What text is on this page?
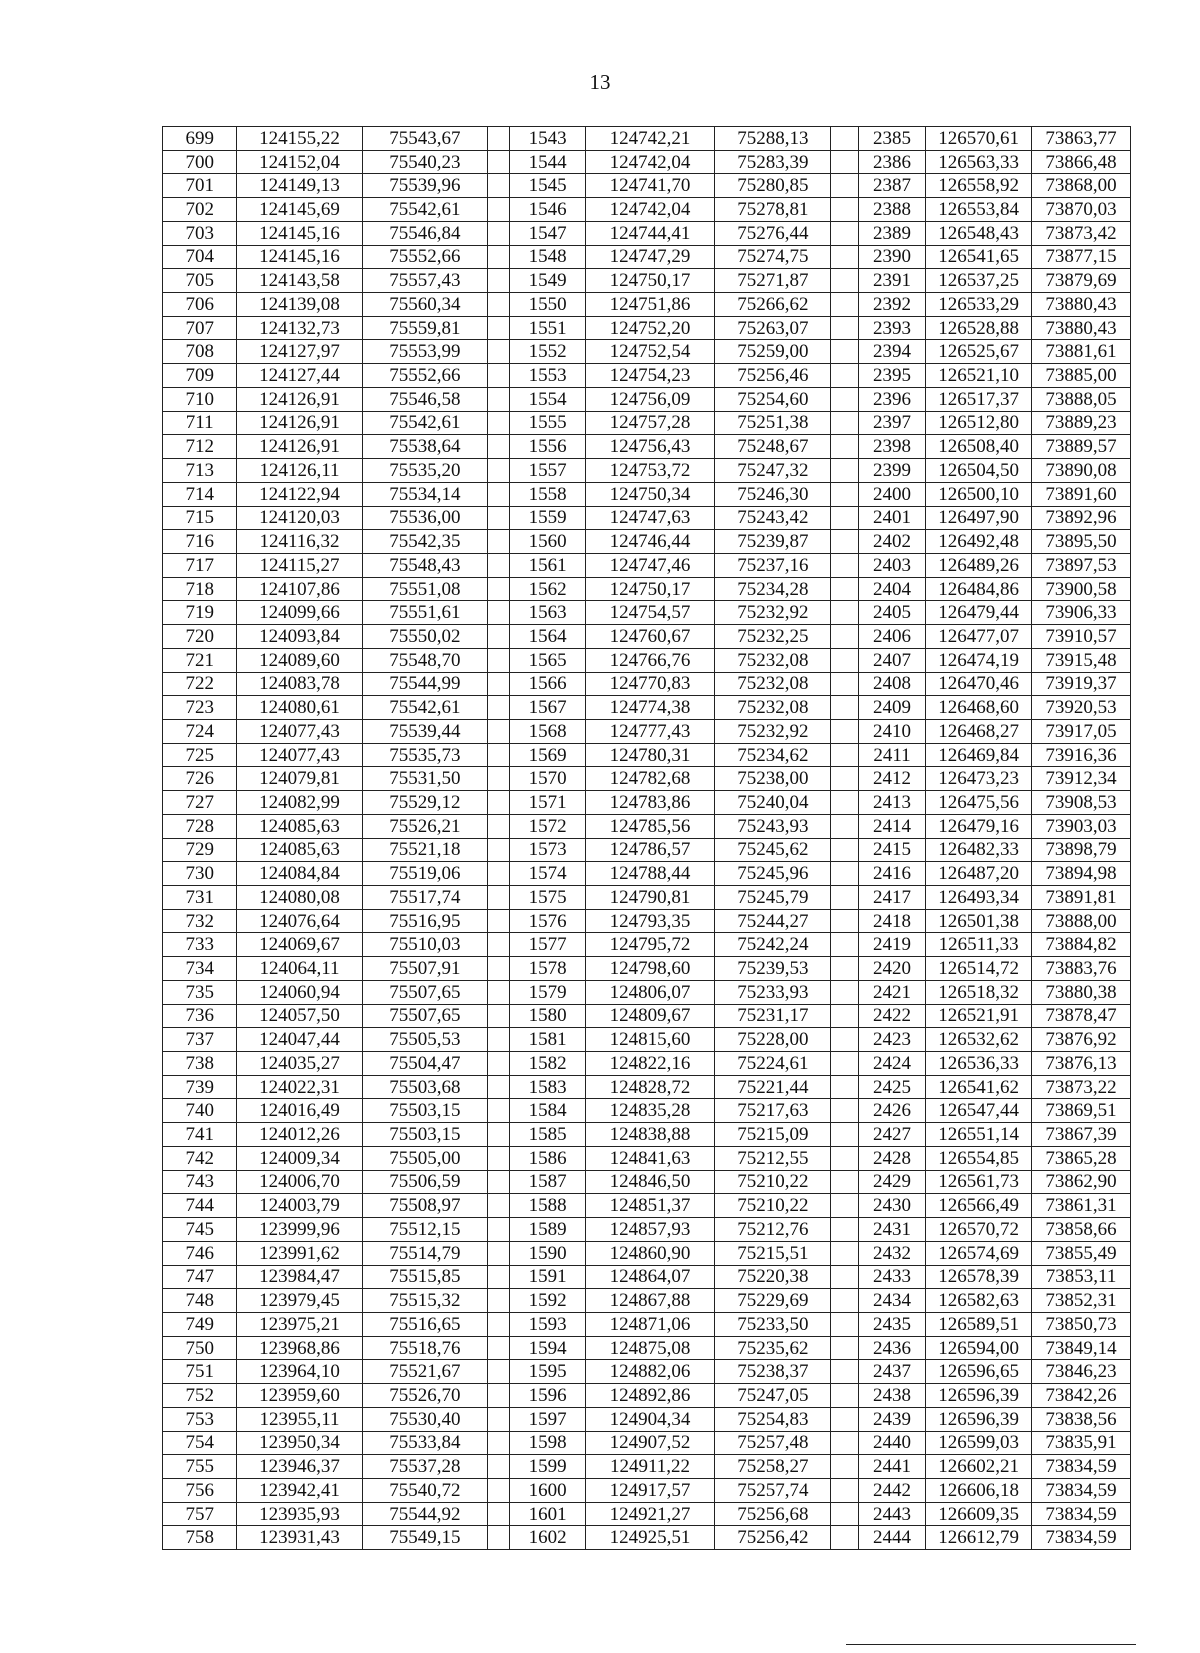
13
699	124155,22	75543,67		1543	124742,21	75288,13		2385	126570,61	73863,77
700	124152,04	75540,23		1544	124742,04	75283,39		2386	126563,33	73866,48
701	124149,13	75539,96		1545	124741,70	75280,85		2387	126558,92	73868,00
702	124145,69	75542,61		1546	124742,04	75278,81		2388	126553,84	73870,03
703	124145,16	75546,84		1547	124744,41	75276,44		2389	126548,43	73873,42
704	124145,16	75552,66		1548	124747,29	75274,75		2390	126541,65	73877,15
705	124143,58	75557,43		1549	124750,17	75271,87		2391	126537,25	73879,69
706	124139,08	75560,34		1550	124751,86	75266,62		2392	126533,29	73880,43
707	124132,73	75559,81		1551	124752,20	75263,07		2393	126528,88	73880,43
708	124127,97	75553,99		1552	124752,54	75259,00		2394	126525,67	73881,61
709	124127,44	75552,66		1553	124754,23	75256,46		2395	126521,10	73885,00
710	124126,91	75546,58		1554	124756,09	75254,60		2396	126517,37	73888,05
711	124126,91	75542,61		1555	124757,28	75251,38		2397	126512,80	73889,23
712	124126,91	75538,64		1556	124756,43	75248,67		2398	126508,40	73889,57
713	124126,11	75535,20		1557	124753,72	75247,32		2399	126504,50	73890,08
714	124122,94	75534,14		1558	124750,34	75246,30		2400	126500,10	73891,60
715	124120,03	75536,00		1559	124747,63	75243,42		2401	126497,90	73892,96
716	124116,32	75542,35		1560	124746,44	75239,87		2402	126492,48	73895,50
717	124115,27	75548,43		1561	124747,46	75237,16		2403	126489,26	73897,53
718	124107,86	75551,08		1562	124750,17	75234,28		2404	126484,86	73900,58
719	124099,66	75551,61		1563	124754,57	75232,92		2405	126479,44	73906,33
720	124093,84	75550,02		1564	124760,67	75232,25		2406	126477,07	73910,57
721	124089,60	75548,70		1565	124766,76	75232,08		2407	126474,19	73915,48
722	124083,78	75544,99		1566	124770,83	75232,08		2408	126470,46	73919,37
723	124080,61	75542,61		1567	124774,38	75232,08		2409	126468,60	73920,53
724	124077,43	75539,44		1568	124777,43	75232,92		2410	126468,27	73917,05
725	124077,43	75535,73		1569	124780,31	75234,62		2411	126469,84	73916,36
726	124079,81	75531,50		1570	124782,68	75238,00		2412	126473,23	73912,34
727	124082,99	75529,12		1571	124783,86	75240,04		2413	126475,56	73908,53
728	124085,63	75526,21		1572	124785,56	75243,93		2414	126479,16	73903,03
729	124085,63	75521,18		1573	124786,57	75245,62		2415	126482,33	73898,79
730	124084,84	75519,06		1574	124788,44	75245,96		2416	126487,20	73894,98
731	124080,08	75517,74		1575	124790,81	75245,79		2417	126493,34	73891,81
732	124076,64	75516,95		1576	124793,35	75244,27		2418	126501,38	73888,00
733	124069,67	75510,03		1577	124795,72	75242,24		2419	126511,33	73884,82
734	124064,11	75507,91		1578	124798,60	75239,53		2420	126514,72	73883,76
735	124060,94	75507,65		1579	124806,07	75233,93		2421	126518,32	73880,38
736	124057,50	75507,65		1580	124809,67	75231,17		2422	126521,91	73878,47
737	124047,44	75505,53		1581	124815,60	75228,00		2423	126532,62	73876,92
738	124035,27	75504,47		1582	124822,16	75224,61		2424	126536,33	73876,13
739	124022,31	75503,68		1583	124828,72	75221,44		2425	126541,62	73873,22
740	124016,49	75503,15		1584	124835,28	75217,63		2426	126547,44	73869,51
741	124012,26	75503,15		1585	124838,88	75215,09		2427	126551,14	73867,39
742	124009,34	75505,00		1586	124841,63	75212,55		2428	126554,85	73865,28
743	124006,70	75506,59		1587	124846,50	75210,22		2429	126561,73	73862,90
744	124003,79	75508,97		1588	124851,37	75210,22		2430	126566,49	73861,31
745	123999,96	75512,15		1589	124857,93	75212,76		2431	126570,72	73858,66
746	123991,62	75514,79		1590	124860,90	75215,51		2432	126574,69	73855,49
747	123984,47	75515,85		1591	124864,07	75220,38		2433	126578,39	73853,11
748	123979,45	75515,32		1592	124867,88	75229,69		2434	126582,63	73852,31
749	123975,21	75516,65		1593	124871,06	75233,50		2435	126589,51	73850,73
750	123968,86	75518,76		1594	124875,08	75235,62		2436	126594,00	73849,14
751	123964,10	75521,67		1595	124882,06	75238,37		2437	126596,65	73846,23
752	123959,60	75526,70		1596	124892,86	75247,05		2438	126596,39	73842,26
753	123955,11	75530,40		1597	124904,34	75254,83		2439	126596,39	73838,56
754	123950,34	75533,84		1598	124907,52	75257,48		2440	126599,03	73835,91
755	123946,37	75537,28		1599	124911,22	75258,27		2441	126602,21	73834,59
756	123942,41	75540,72		1600	124917,57	75257,74		2442	126606,18	73834,59
757	123935,93	75544,92		1601	124921,27	75256,68		2443	126609,35	73834,59
758	123931,43	75549,15		1602	124925,51	75256,42		2444	126612,79	73834,59
